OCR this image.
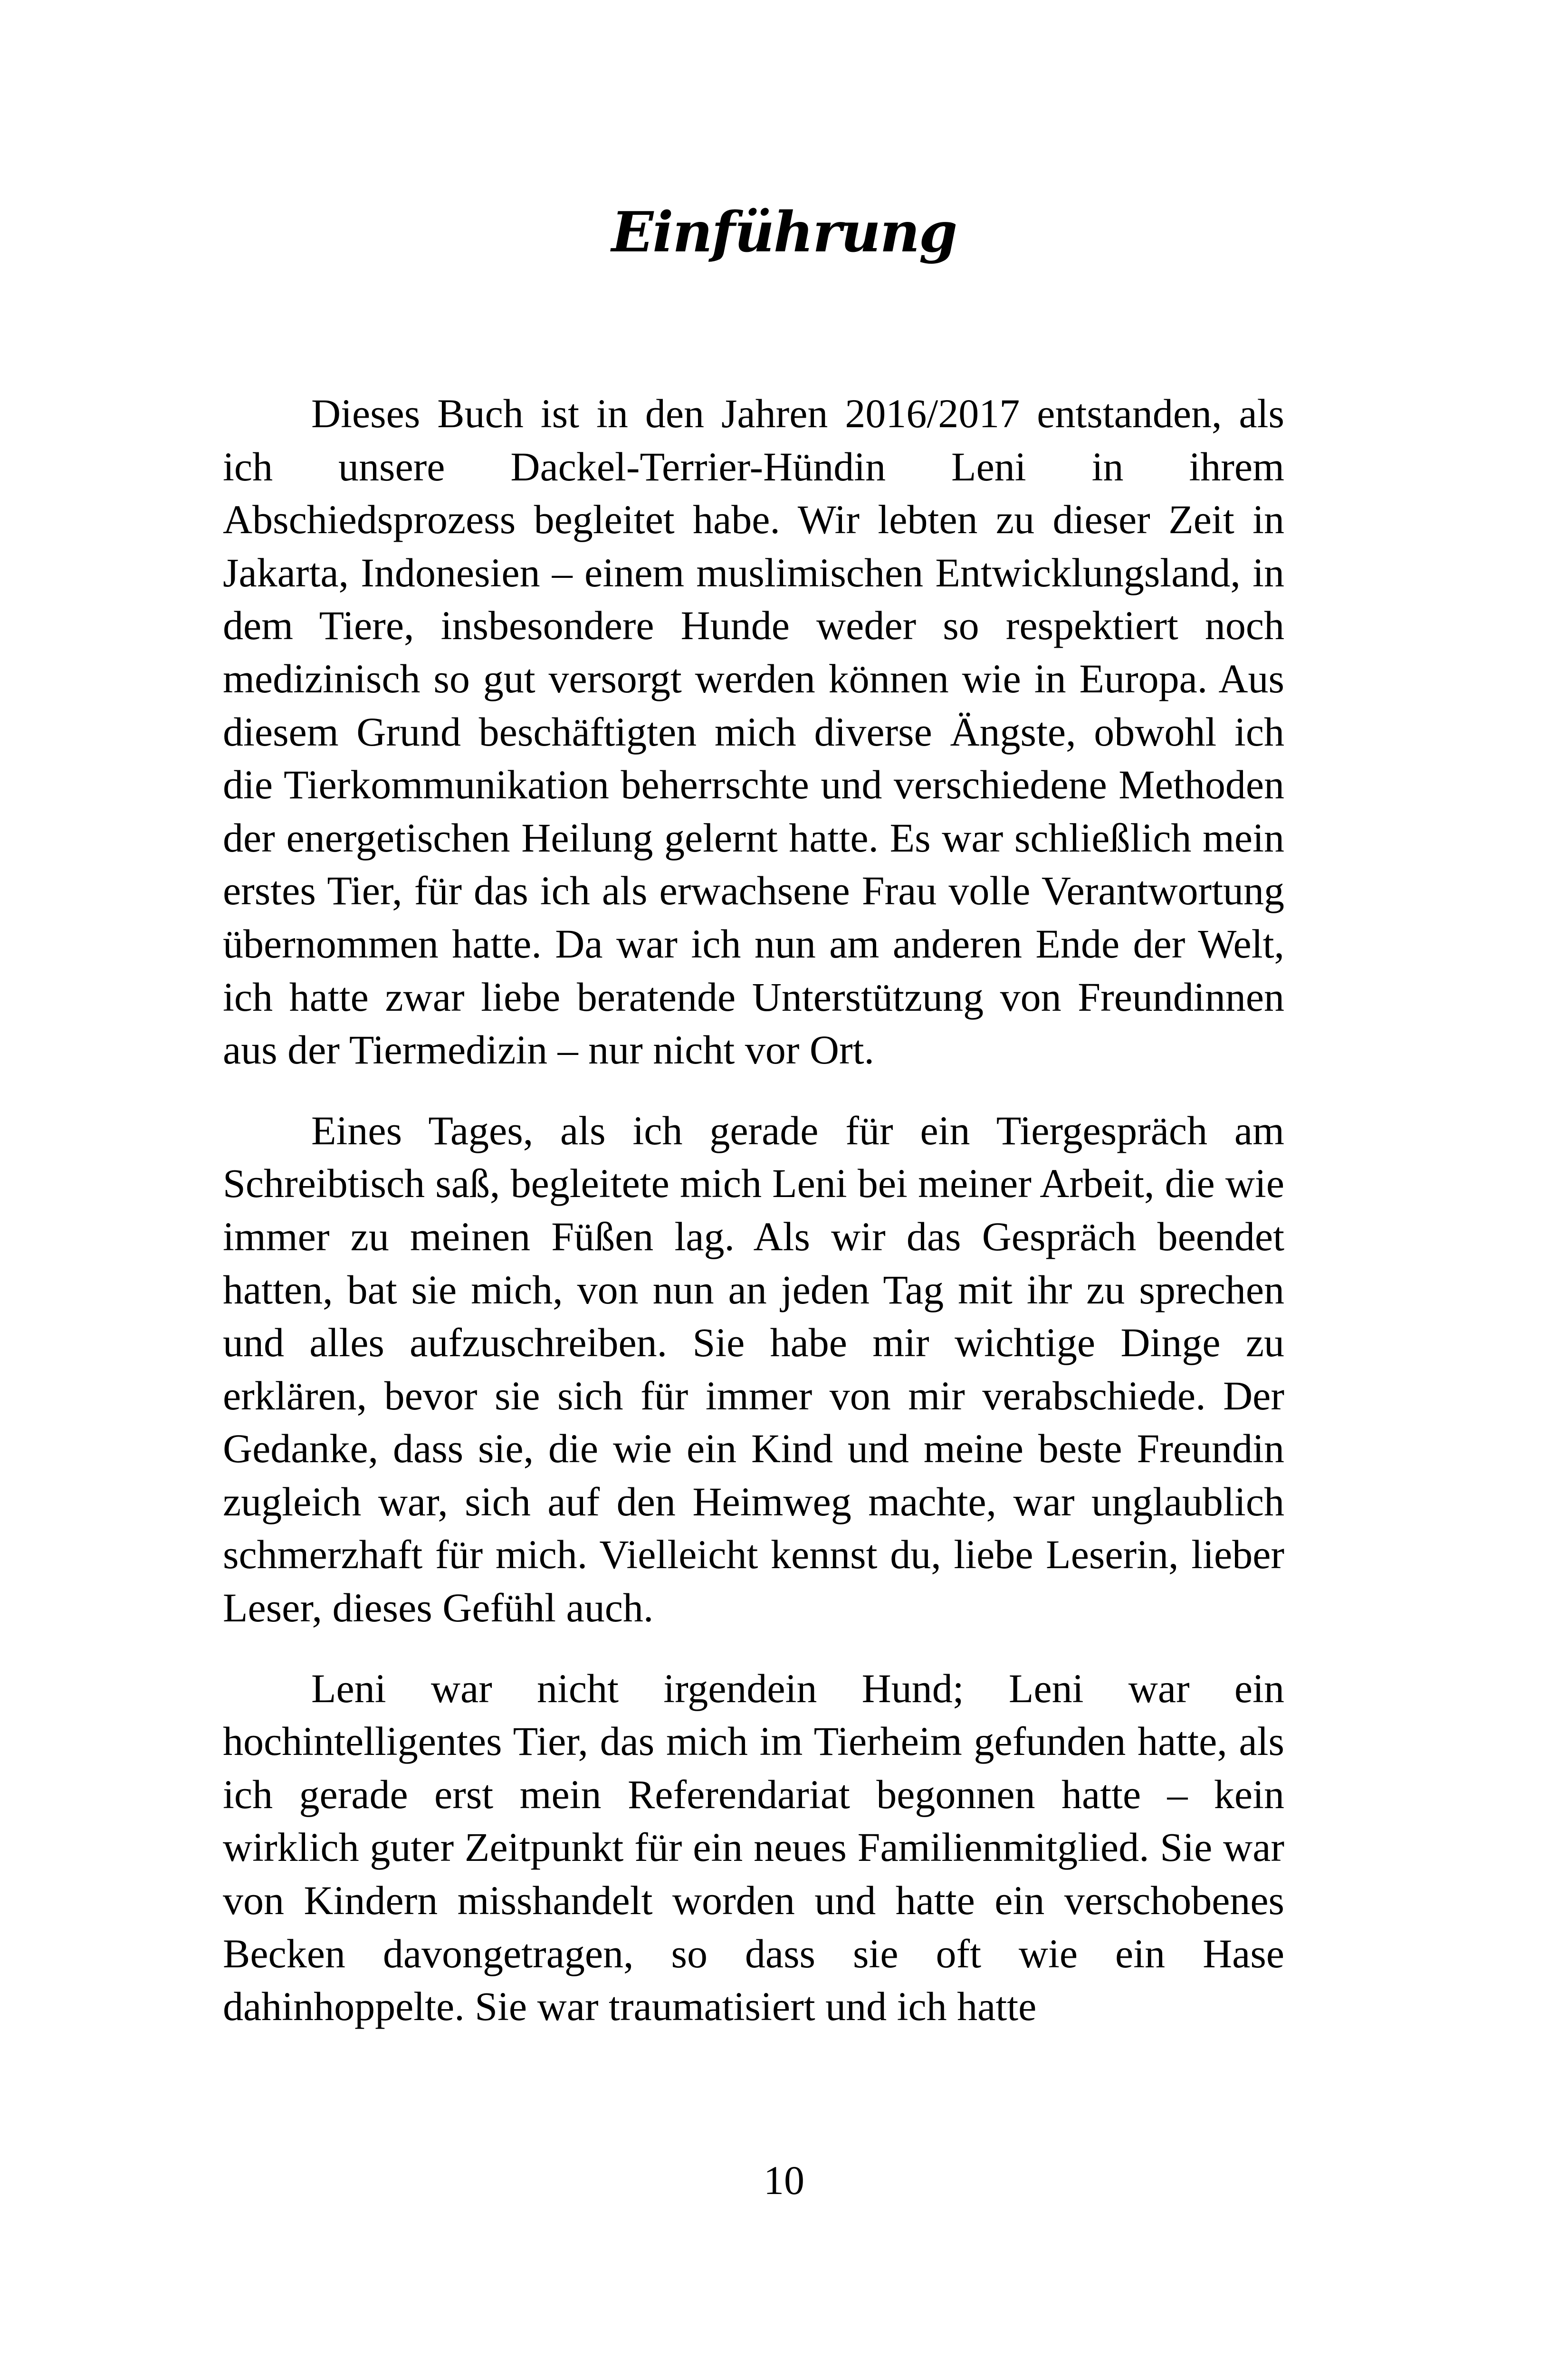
Einführung

Dieses Buch ist in den Jahren 2016/2017 entstanden, als ich unsere Dackel-Terrier-Hündin Leni in ihrem Abschiedsprozess begleitet habe. Wir lebten zu dieser Zeit in Jakarta, Indonesien – einem muslimischen Entwicklungsland, in dem Tiere, insbesondere Hunde weder so respektiert noch medizinisch so gut versorgt werden können wie in Europa. Aus diesem Grund beschäftigten mich diverse Ängste, obwohl ich die Tierkommunikation beherrschte und verschiedene Methoden der energetischen Heilung gelernt hatte. Es war schließlich mein erstes Tier, für das ich als erwachsene Frau volle Verantwortung übernommen hatte. Da war ich nun am anderen Ende der Welt, ich hatte zwar liebe beratende Unterstützung von Freundinnen aus der Tiermedizin – nur nicht vor Ort.

Eines Tages, als ich gerade für ein Tiergespräch am Schreibtisch saß, begleitete mich Leni bei meiner Arbeit, die wie immer zu meinen Füßen lag. Als wir das Gespräch beendet hatten, bat sie mich, von nun an jeden Tag mit ihr zu sprechen und alles aufzuschreiben. Sie habe mir wichtige Dinge zu erklären, bevor sie sich für immer von mir verabschiede. Der Gedanke, dass sie, die wie ein Kind und meine beste Freundin zugleich war, sich auf den Heimweg machte, war unglaublich schmerzhaft für mich. Vielleicht kennst du, liebe Leserin, lieber Leser, dieses Gefühl auch.

Leni war nicht irgendein Hund; Leni war ein hochintelligentes Tier, das mich im Tierheim gefunden hatte, als ich gerade erst mein Referendariat begonnen hatte – kein wirklich guter Zeitpunkt für ein neues Familienmitglied. Sie war von Kindern misshandelt worden und hatte ein verschobenes Becken davongetragen, so dass sie oft wie ein Hase dahinhoppelte. Sie war traumatisiert und ich hatte

10
